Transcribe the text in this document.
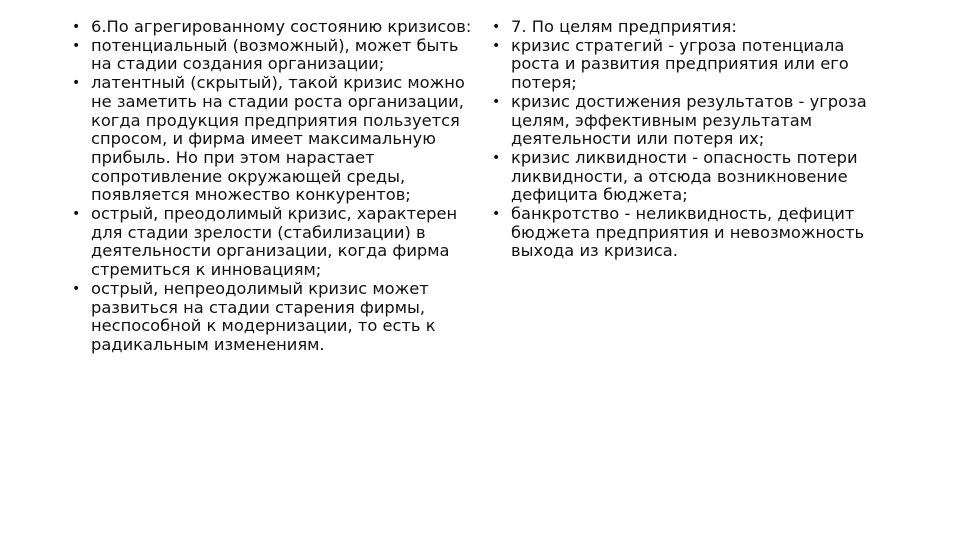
• 6.По агрегированному состоянию кризисов:
• потенциальный (возможный), может быть на стадии создания организации;
• латентный (скрытый), такой кризис можно не заметить на стадии роста организации, когда продукция предприятия пользуется спросом, и фирма имеет максимальную прибыль. Но при этом нарастает сопротивление окружающей среды, появляется множество конкурентов;
• острый, преодолимый кризис, характерен для стадии зрелости (стабилизации) в деятельности организации, когда фирма стремиться к инновациям;
• острый, непреодолимый кризис может развиться на стадии старения фирмы, неспособной к модернизации, то есть к радикальным изменениям.
• 7. По целям предприятия:
• кризис стратегий - угроза потенциала роста и развития предприятия или его потеря;
• кризис достижения результатов - угроза целям, эффективным результатам деятельности или потеря их;
• кризис ликвидности - опасность потери ликвидности, а отсюда возникновение дефицита бюджета;
• банкротство - неликвидность, дефицит бюджета предприятия и невозможность выхода из кризиса.
